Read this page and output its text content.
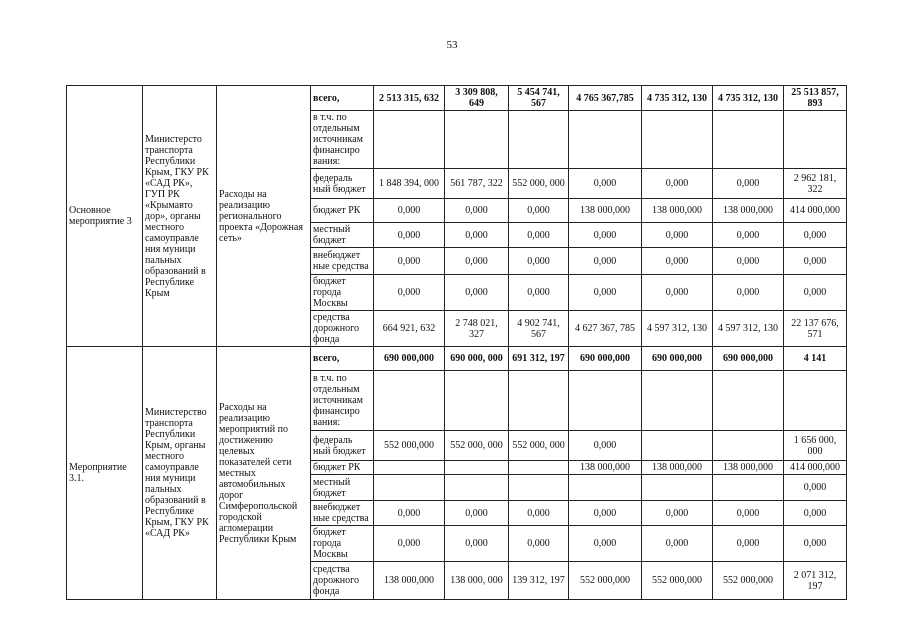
53
Основное мероприятие 3	Министерсто транспорта Республики Крым, ГКУ РК «САД РК», ГУП РК «Крымавто дор», органы местного самоуправле ния муници пальных образований в Республике Крым	Расходы на реализацию регионального проекта «Дорожная сеть»	всего,	2 513 315, 632	3 309 808, 649	5 454 741, 567	4 765 367,785	4 735 312, 130	4 735 312, 130	25 513 857, 893
			в т.ч. по отдельным источникам финансиро вания:							
			федераль ный бюджет	1 848 394, 000	561 787, 322	552 000, 000	0,000	0,000	0,000	2 962 181, 322
			бюджет РК	0,000	0,000	0,000	138 000,000	138 000,000	138 000,000	414 000,000
			местный бюджет	0,000	0,000	0,000	0,000	0,000	0,000	0,000
			внебюджет ные средства	0,000	0,000	0,000	0,000	0,000	0,000	0,000
			бюджет города Москвы	0,000	0,000	0,000	0,000	0,000	0,000	0,000
			средства дорожного фонда	664 921, 632	2 748 021, 327	4 902 741, 567	4 627 367, 785	4 597 312, 130	4 597 312, 130	22 137 676, 571
Мероприятие 3.1.	Министерство транспорта Республики Крым, органы местного самоуправле ния муници пальных образований в Республике Крым, ГКУ РК «САД РК»	Расходы на реализацию мероприятий по достижению целевых показателей сети местных автомобильных дорог Симферопольской городской агломерации Республики Крым	всего,	690 000,000	690 000, 000	691 312, 197	690 000,000	690 000,000	690 000,000	4 141
			в т.ч. по отдельным источникам финансиро вания:							
			федераль ный бюджет	552 000,000	552 000, 000	552 000, 000	0,000			1 656 000, 000
			бюджет РК				138 000,000	138 000,000	138 000,000	414 000,000
			местный бюджет							0,000
			внебюджет ные средства	0,000	0,000	0,000	0,000	0,000	0,000	0,000
			бюджет города Москвы	0,000	0,000	0,000	0,000	0,000	0,000	0,000
			средства дорожного фонда	138 000,000	138 000, 000	139 312, 197	552 000,000	552 000,000	552 000,000	2 071 312, 197
